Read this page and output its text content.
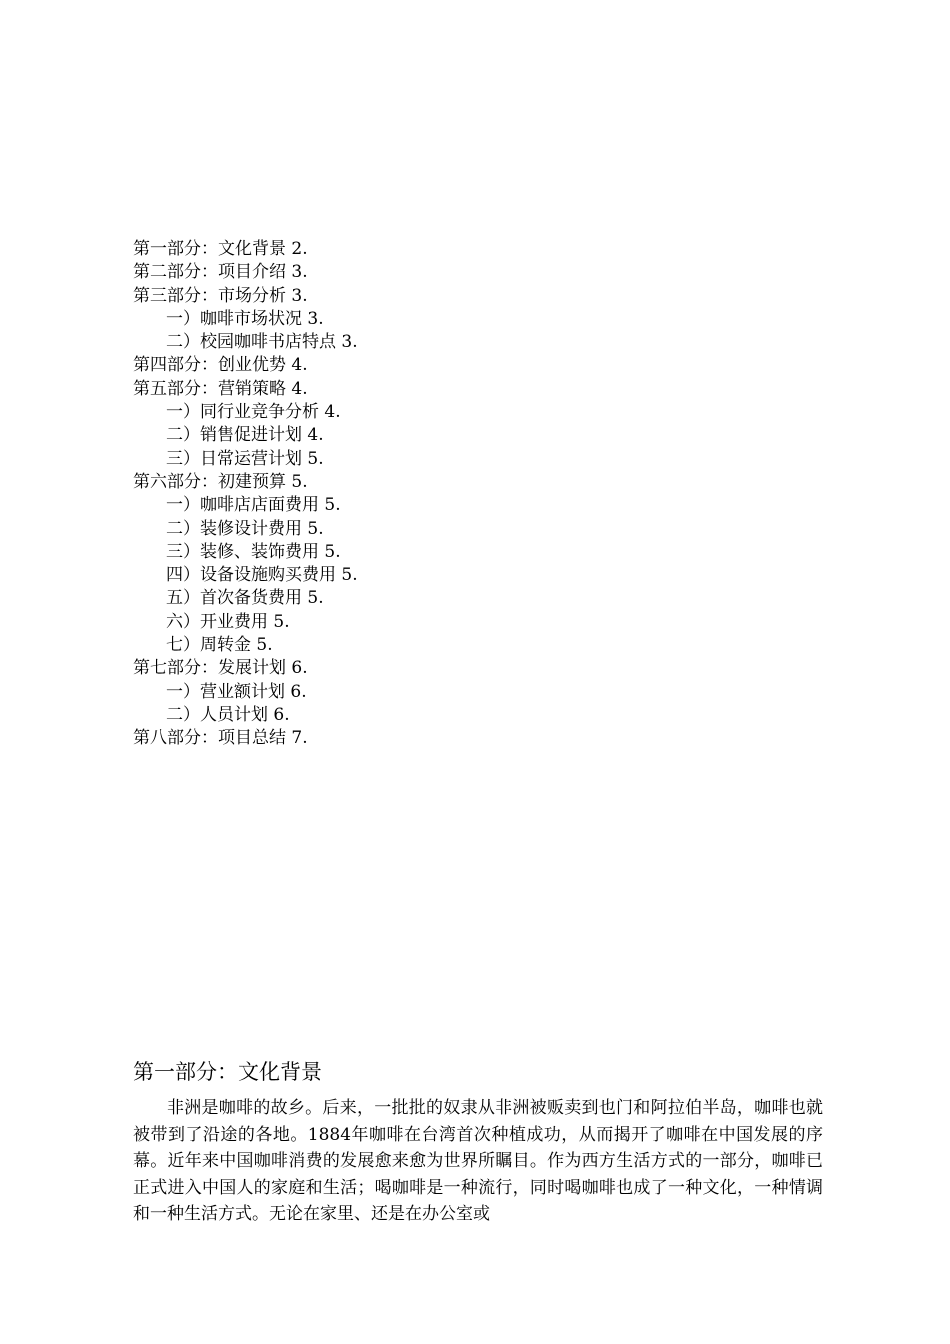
第一部分：文化背景 2.
第二部分：项目介绍 3.
第三部分：市场分析 3.
一）咖啡市场状况 3.
二）校园咖啡书店特点 3.
第四部分：创业优势 4.
第五部分：营销策略 4.
一）同行业竞争分析 4.
二）销售促进计划 4.
三）日常运营计划 5.
第六部分：初建预算 5.
一）咖啡店店面费用 5.
二）装修设计费用 5.
三）装修、装饰费用 5.
四）设备设施购买费用 5.
五）首次备货费用 5.
六）开业费用 5.
七）周转金 5.
第七部分：发展计划 6.
一）营业额计划 6.
二）人员计划 6.
第八部分：项目总结 7.
第一部分：文化背景

非洲是咖啡的故乡。后来，一批批的奴隶从非洲被贩卖到也门和阿拉伯半岛，咖啡也就被带到了沿途的各地。1884年咖啡在台湾首次种植成功，从而揭开了咖啡在中国发展的序幕。近年来中国咖啡消费的发展愈来愈为世界所瞩目。作为西方生活方式的一部分，咖啡已正式进入中国人的家庭和生活；喝咖啡是一种流行，同时喝咖啡也成了一种文化，一种情调和一种生活方式。无论在家里、还是在办公室或
